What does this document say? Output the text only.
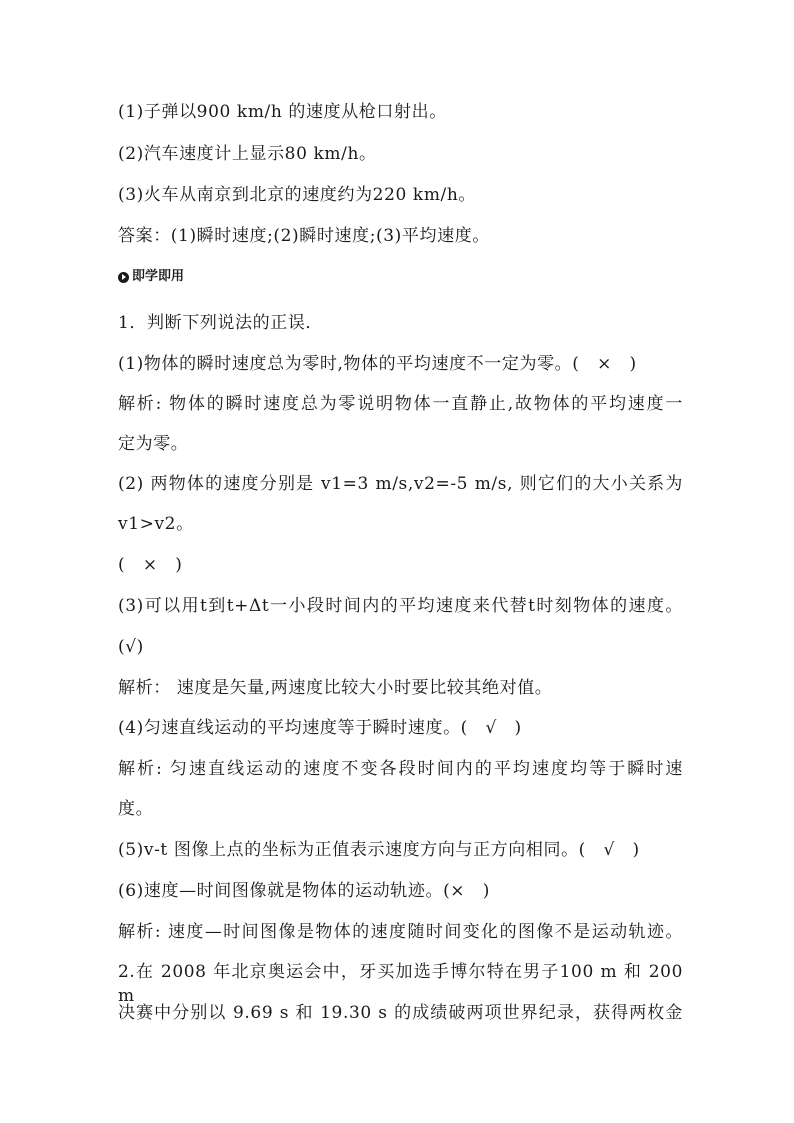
(1)子弹以900 km/h 的速度从枪口射出。
(2)汽车速度计上显示80 km/h。
(3)火车从南京到北京的速度约为220 km/h。
答案：(1)瞬时速度;(2)瞬时速度;(3)平均速度。
即学即用
1．判断下列说法的正误．
(1)物体的瞬时速度总为零时,物体的平均速度不一定为零。(　×　)
解析: 物体的瞬时速度总为零说明物体一直静止,故物体的平均速度一
定为零。
(2) 两物体的速度分别是 v1=3 m/s,v2=-5 m/s, 则它们的大小关系为
v1>v2。
(　×　)
(3)可以用t到t+Δt一小段时间内的平均速度来代替t时刻物体的速度。
(√)
解析： 速度是矢量,两速度比较大小时要比较其绝对值。
(4)匀速直线运动的平均速度等于瞬时速度。(　√　)
解析: 匀速直线运动的速度不变各段时间内的平均速度均等于瞬时速
度。
(5)v-t 图像上点的坐标为正值表示速度方向与正方向相同。(　√　)
(6)速度—时间图像就是物体的运动轨迹。(×　)
解析: 速度—时间图像是物体的速度随时间变化的图像不是运动轨迹。
2.在 2008 年北京奥运会中，牙买加选手博尔特在男子100 m 和 200 m
决赛中分别以 9.69 s 和 19.30 s 的成绩破两项世界纪录，获得两枚金
